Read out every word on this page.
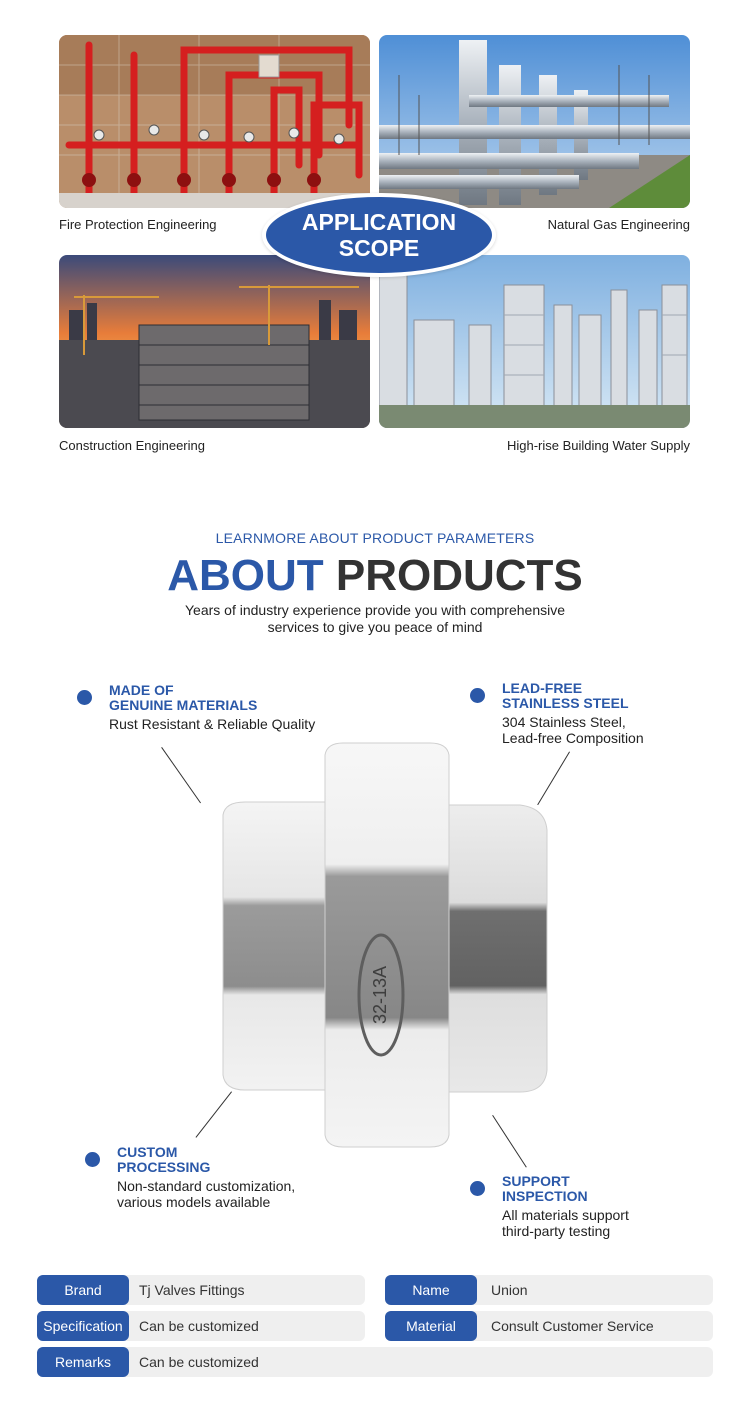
Fire Protection Engineering	Natural Gas Engineering
Construction Engineering	High-rise Building Water Supply
APPLICATION
SCOPE
LEARNMORE ABOUT PRODUCT PARAMETERS
ABOUT PRODUCTS
Years of industry experience provide you with comprehensive
services to give you peace of mind
32-13A
MADE OF
GENUINE MATERIALS
Rust Resistant & Reliable Quality
LEAD-FREE
STAINLESS STEEL
304 Stainless Steel,
Lead-free Composition
CUSTOM
PROCESSING
Non-standard customization,
various models available
SUPPORT
INSPECTION
All materials support
third-party testing
Brand	Tj Valves Fittings	Name	Union
Specification	Can be customized	Material	Consult Customer Service
Remarks	Can be customized
